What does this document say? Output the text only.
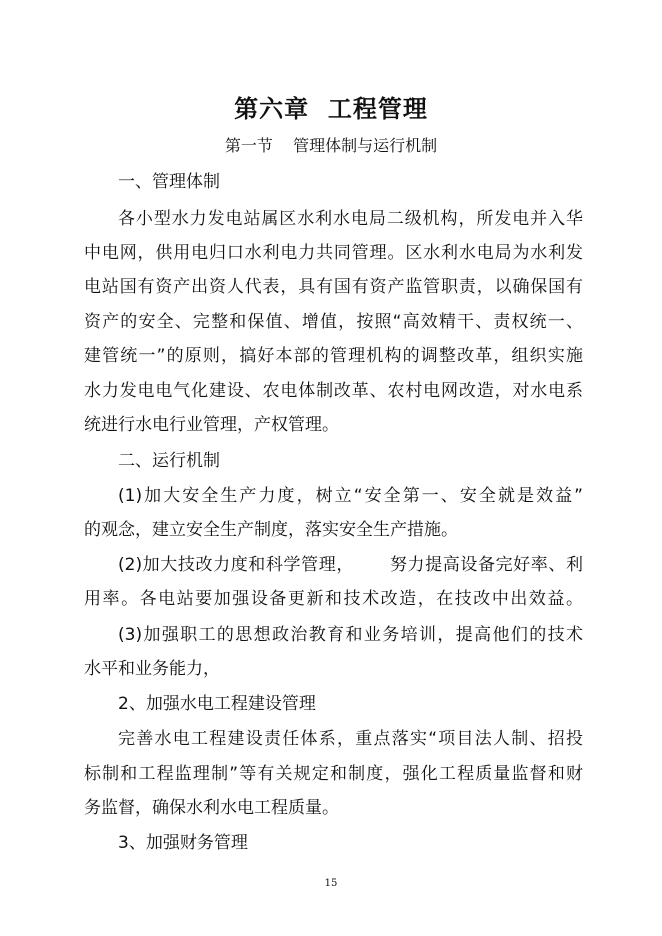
第六章  工程管理
第一节    管理体制与运行机制
一、管理体制
各小型水力发电站属区水利水电局二级机构，所发电并入华
中电网，供用电归口水利电力共同管理。区水利水电局为水利发
电站国有资产出资人代表，具有国有资产监管职责，以确保国有
资产的安全、完整和保值、增值，按照“高效精干、责权统一、
建管统一”的原则，搞好本部的管理机构的调整改革，组织实施
水力发电电气化建设、农电体制改革、农村电网改造，对水电系
统进行水电行业管理，产权管理。
二、运行机制
(1)加大安全生产力度，树立“安全第一、安全就是效益”
的观念，建立安全生产制度，落实安全生产措施。
(2)加大技改力度和科学管理，      努力提高设备完好率、利
用率。各电站要加强设备更新和技术改造，在技改中出效益。
(3)加强职工的思想政治教育和业务培训，提高他们的技术
水平和业务能力，
2、加强水电工程建设管理
完善水电工程建设责任体系，重点落实“项目法人制、招投
标制和工程监理制”等有关规定和制度，强化工程质量监督和财
务监督，确保水利水电工程质量。
3、加强财务管理
15
